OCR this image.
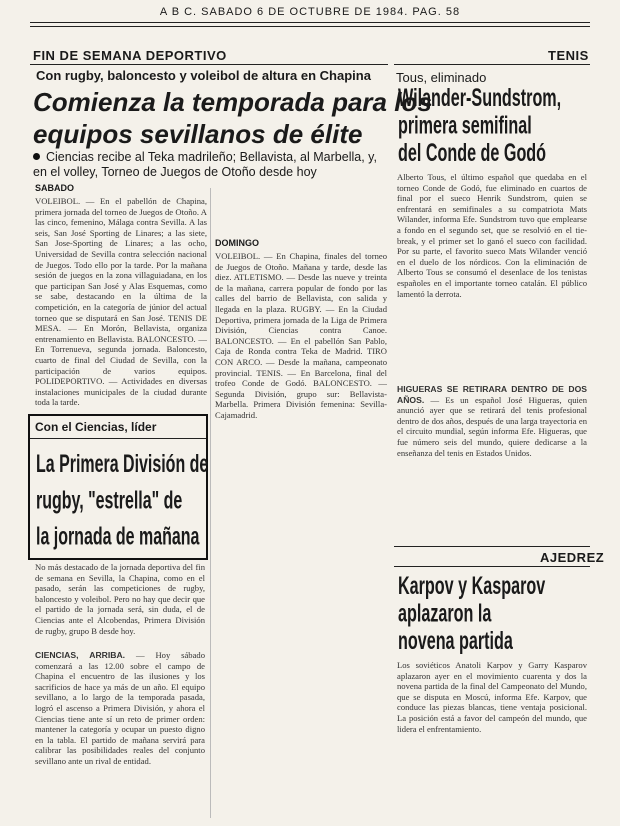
A B C. SABADO 6 DE OCTUBRE DE 1984. PAG. 58
FIN DE SEMANA DEPORTIVO
Con rugby, baloncesto y voleibol de altura en Chapina
Comienza la temporada para los
equipos sevillanos de élite
Ciencias recibe al Teka madrileño; Bellavista, al Marbella, y, en el volley, Torneo de Juegos de Otoño desde hoy
SABADO
VOLEIBOL. — En el pabellón de Chapina, primera jornada del torneo de Juegos de Otoño. A las cinco, femenino, Málaga contra Sevilla. A las seis, San José Sporting de Linares; a las siete, San Jose-Sporting de Linares; a las ocho, Universidad de Sevilla contra selección nacional de Juegos. Todo ello por la tarde. Por la mañana sesión de juegos en la zona villaguiadana, en los que participan San José y Alas Esquemas, como se sabe, destacando en la última de la competición, en la categoría de júnior del actual torneo que se disputará en San José. TENIS DE MESA. — En Morón, Bellavista, organiza entrenamiento en Bellavista. BALONCESTO. — En Torrenueva, segunda jornada. Baloncesto, cuarto de final del Ciudad de Sevilla, con la participación de varios equipos. POLIDEPORTIVO. — Actividades en diversas instalaciones municipales de la ciudad durante toda la tarde.
Con el Ciencias, líder
La Primera División de
rugby, "estrella" de
la jornada de mañana
No más destacado de la jornada deportiva del fin de semana en Sevilla, la Chapina, como en el pasado, serán las competiciones de rugby, baloncesto y voleibol. Pero no hay que decir que el partido de la jornada será, sin duda, el de Ciencias ante el Alcobendas, Primera División de rugby, grupo B desde hoy.
CIENCIAS, ARRIBA. — Hoy sábado comenzará a las 12.00 sobre el campo de Chapina el encuentro de las ilusiones y los sacrificios de hace ya más de un año. El equipo sevillano, a lo largo de la temporada pasada, logró el ascenso a Primera División, y ahora el Ciencias tiene ante sí un reto de primer orden: mantener la categoría y ocupar un puesto digno en la tabla. El partido de mañana servirá para calibrar las posibilidades reales del conjunto sevillano ante un rival de entidad.
DOMINGO
VOLEIBOL. — En Chapina, finales del torneo de Juegos de Otoño. Mañana y tarde, desde las diez. ATLETISMO. — Desde las nueve y treinta de la mañana, carrera popular de fondo por las calles del barrio de Bellavista, con salida y llegada en la plaza. RUGBY. — En la Ciudad Deportiva, primera jornada de la Liga de Primera División, Ciencias contra Canoe. BALONCESTO. — En el pabellón San Pablo, Caja de Ronda contra Teka de Madrid. TIRO CON ARCO. — Desde la mañana, campeonato provincial. TENIS. — En Barcelona, final del trofeo Conde de Godó. BALONCESTO. — Segunda División, grupo sur: Bellavista-Marbella. Primera División femenina: Sevilla-Cajamadrid.
TENIS
Tous, eliminado
Wilander-Sundstrom,
primera semifinal
del Conde de Godó
Alberto Tous, el último español que quedaba en el torneo Conde de Godó, fue eliminado en cuartos de final por el sueco Henrik Sundstrom, quien se enfrentará en semifinales a su compatriota Mats Wilander, informa Efe. Sundstrom tuvo que emplearse a fondo en el segundo set, que se resolvió en el tie-break, y el primer set lo ganó el sueco con facilidad. Por su parte, el favorito sueco Mats Wilander venció en el duelo de los nórdicos. Con la eliminación de Alberto Tous se consumó el desenlace de los tenistas españoles en el importante torneo catalán. El público lamentó la derrota.
HIGUERAS SE RETIRARA DENTRO DE DOS AÑOS. — Es un español José Higueras, quien anunció ayer que se retirará del tenis profesional dentro de dos años, después de una larga trayectoria en el circuito mundial, según informa Efe. Higueras, que fue número seis del mundo, quiere dedicarse a la enseñanza del tenis en Estados Unidos.
AJEDREZ
Karpov y Kasparov
aplazaron la
novena partida
Los soviéticos Anatoli Karpov y Garry Kasparov aplazaron ayer en el movimiento cuarenta y dos la novena partida de la final del Campeonato del Mundo, que se disputa en Moscú, informa Efe. Karpov, que conduce las piezas blancas, tiene ventaja posicional. La posición está a favor del campeón del mundo, que lidera el enfrentamiento.
